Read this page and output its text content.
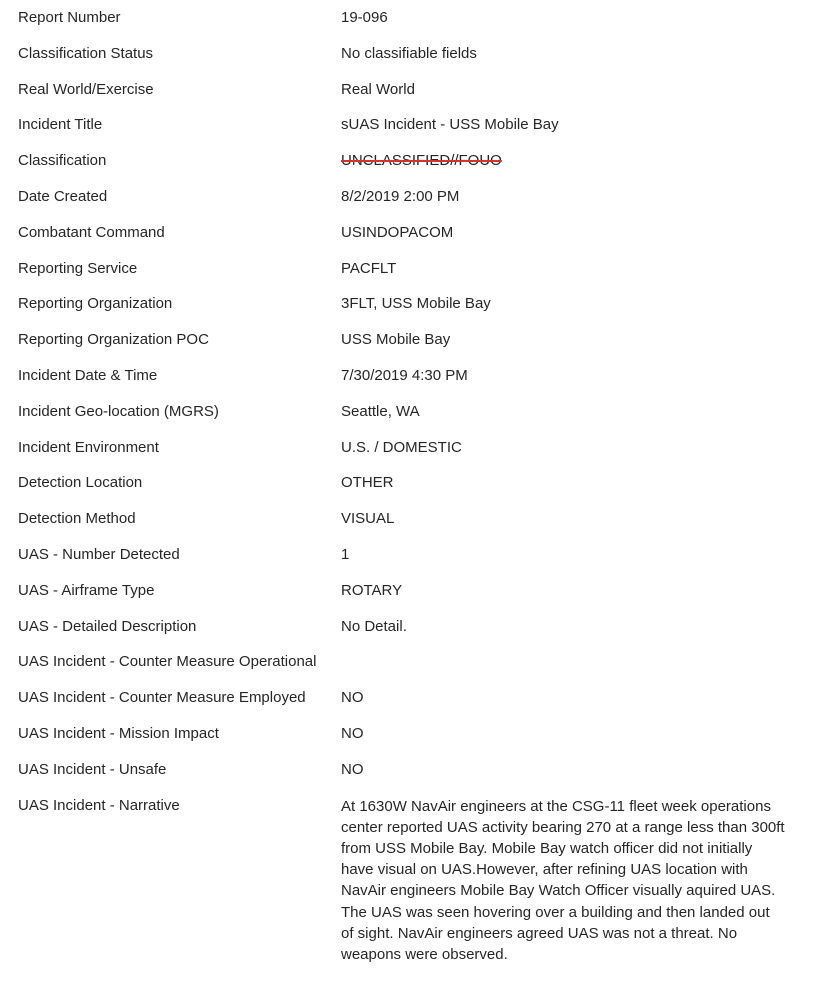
Report Number	19-096
Classification Status	No classifiable fields
Real World/Exercise	Real World
Incident Title	sUAS Incident - USS Mobile Bay
Classification	UNCLASSIFIED//FOUO
Date Created	8/2/2019 2:00 PM
Combatant Command	USINDOPACOM
Reporting Service	PACFLT
Reporting Organization	3FLT, USS Mobile Bay
Reporting Organization POC	USS Mobile Bay
Incident Date & Time	7/30/2019 4:30 PM
Incident Geo-location (MGRS)	Seattle, WA
Incident Environment	U.S. / DOMESTIC
Detection Location	OTHER
Detection Method	VISUAL
UAS - Number Detected	1
UAS - Airframe Type	ROTARY
UAS - Detailed Description	No Detail.
UAS Incident - Counter Measure Operational
UAS Incident - Counter Measure Employed	NO
UAS Incident - Mission Impact	NO
UAS Incident - Unsafe	NO
UAS Incident - Narrative	At 1630W NavAir engineers at the CSG-11 fleet week operations center reported UAS activity bearing 270 at a range less than 300ft from USS Mobile Bay. Mobile Bay watch officer did not initially have visual on UAS.However, after refining UAS location with NavAir engineers Mobile Bay Watch Officer visually aquired UAS. The UAS was seen hovering over a building and then landed out of sight. NavAir engineers agreed UAS was not a threat. No weapons were observed.
